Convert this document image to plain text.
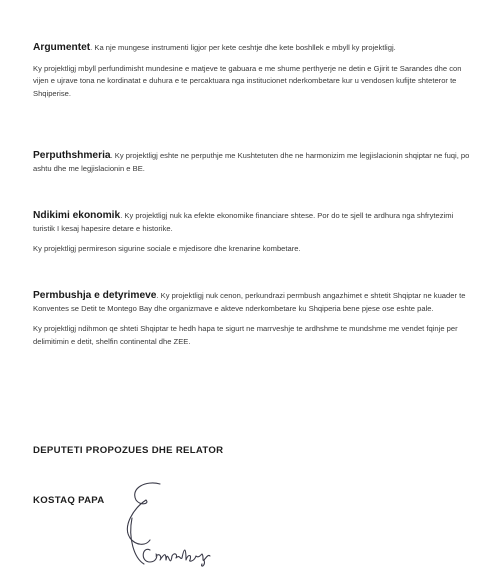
Argumentet. Ka nje mungese instrumenti ligjor per kete ceshtje dhe kete boshllek e mbyll ky projektligj.

Ky projektligj mbyll perfundimisht mundesine e matjeve te gabuara e me shume perthyerje ne detin e Gjirit te Sarandes dhe con vijen e ujrave tona ne kordinatat e duhura e te percaktuara nga institucionet nderkombetare kur u vendosen kufijte shteteror te Shqiperise.

Perputhshmeria. Ky projektligj eshte ne perputhje me Kushtetuten dhe ne harmonizim me legjislacionin shqiptar ne fuqi, po ashtu dhe me legjislacionin e BE.

Ndikimi ekonomik. Ky projektligj nuk ka efekte ekonomike financiare shtese. Por do te sjell te ardhura nga shfrytezimi turistik I kesaj hapesire detare e historike.

Ky projektligj permireson sigurine sociale e mjedisore dhe krenarine kombetare.

Permbushja e detyrimeve. Ky projektligj nuk cenon, perkundrazi permbush angazhimet e shtetit Shqiptar ne kuader te Konventes se Detit te Montego Bay dhe organizmave e akteve nderkombetare ku Shqiperia bene pjese ose eshte pale.

Ky projektligj ndihmon qe shteti Shqiptar te hedh hapa te sigurt ne marrveshje te ardhshme te mundshme me vendet fqinje per delimitimin e detit, shelfin continental dhe ZEE.

DEPUTETI PROPOZUES DHE RELATOR
KOSTAQ PAPA
